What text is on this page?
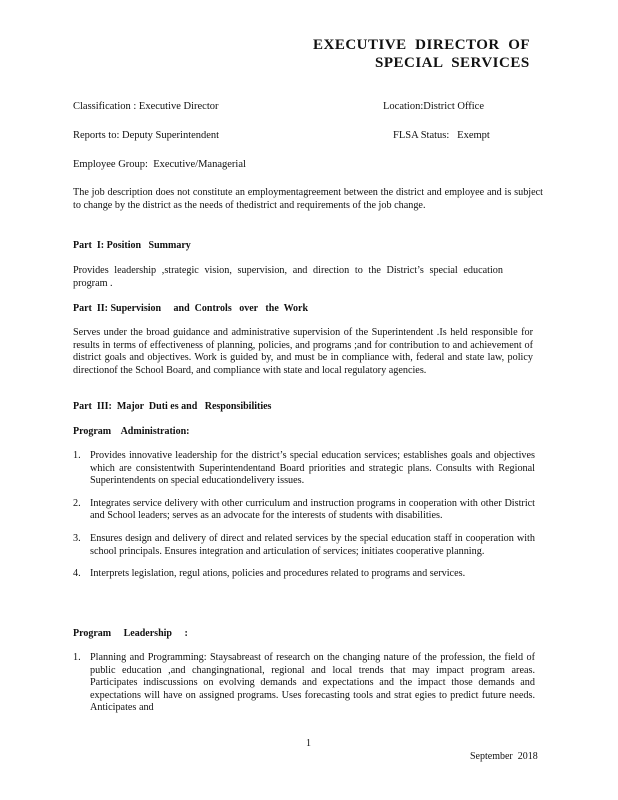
EXECUTIVE  DIRECTOR  OF
SPECIAL  SERVICES
Classification : Executive Director	Location:District Office
Reports to: Deputy Superintendent	FLSA Status:   Exempt
Employee Group:  Executive/Managerial
The job description does not constitute an employmentagreement between the district and employee and is subject to change by the district as the needs of thedistrict and requirements of the job change.
Part  I: Position   Summary
Provides leadership ,strategic vision, supervision, and direction to the District’s special education program .
Part  II: Supervision     and  Controls   over   the  Work
Serves under the broad guidance and administrative supervision of the Superintendent .Is held responsible for results in terms of effectiveness of planning, policies, and programs ;and for contribution to and achievement of district goals and objectives. Work is guided by, and must be in compliance with, federal and state law, policy directionof the School Board, and compliance with state and local regulatory agencies.
Part  III:  Major  Duti es and   Responsibilities
Program    Administration:
1. Provides innovative leadership for the district’s special education services; establishes goals and objectives which are consistentwith Superintendentand Board priorities and strategic plans. Consults with Regional Superintendents on special educationdelivery issues.
2. Integrates service delivery with other curriculum and instruction programs in cooperation with other District and School leaders; serves as an advocate for the interests of students with disabilities.
3. Ensures design and delivery of direct and related services by the special education staff in cooperation with school principals. Ensures integration and articulation of services; initiates cooperative planning.
4. Interprets legislation, regul ations, policies and procedures related to programs and services.
Program     Leadership     :
1. Planning and Programming: Staysabreast of research on the changing nature of the profession, the field of public education ,and changingnational, regional and local trends that may impact program areas. Participates indiscussions on evolving demands and expectations and the impact those demands and expectations will have on assigned programs. Uses forecasting tools and strat egies to predict future needs. Anticipates and
1
September  2018
